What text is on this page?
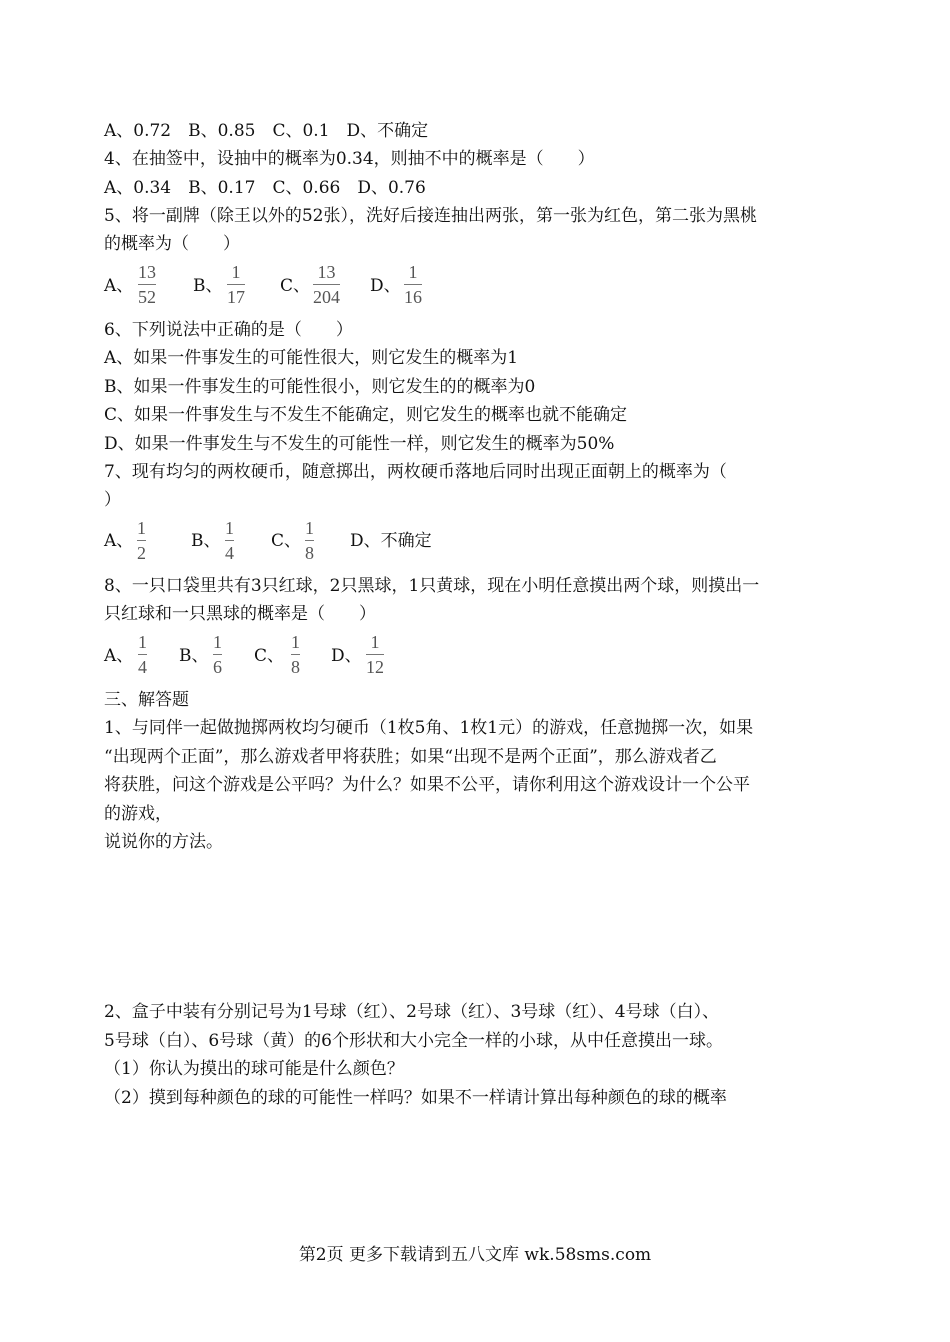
A、0.72　B、0.85　C、0.1　D、不确定
4、在抽签中，设抽中的概率为0.34，则抽不中的概率是（　　）
A、0.34　B、0.17　C、0.66　D、0.76
5、将一副牌（除王以外的52张），洗好后接连抽出两张，第一张为红色，第二张为黑桃
的概率为（　　）
A、
13
52
B、
1
17
C、
13
204
D、
1
16
6、下列说法中正确的是（　　）
A、如果一件事发生的可能性很大，则它发生的概率为1
B、如果一件事发生的可能性很小，则它发生的的概率为0
C、如果一件事发生与不发生不能确定，则它发生的概率也就不能确定
D、如果一件事发生与不发生的可能性一样，则它发生的概率为50%
7、现有均匀的两枚硬币，随意掷出，两枚硬币落地后同时出现正面朝上的概率为（
）
A、
1
2
B、
1
4
C、
1
8
D、不确定
8、一只口袋里共有3只红球，2只黑球，1只黄球，现在小明任意摸出两个球，则摸出一
只红球和一只黑球的概率是（　　）
A、
1
4
B、
1
6
C、
1
8
D、
1
12
三、解答题
1、与同伴一起做抛掷两枚均匀硬币（1枚5角、1枚1元）的游戏，任意抛掷一次，如果
“出现两个正面”，那么游戏者甲将获胜；如果“出现不是两个正面”，那么游戏者乙
将获胜，问这个游戏是公平吗？为什么？如果不公平，请你利用这个游戏设计一个公平
的游戏，
说说你的方法。
2、盒子中装有分别记号为1号球（红）、2号球（红）、3号球（红）、4号球（白）、
5号球（白）、6号球（黄）的6个形状和大小完全一样的小球，从中任意摸出一球。
（1）你认为摸出的球可能是什么颜色？
（2）摸到每种颜色的球的可能性一样吗？如果不一样请计算出每种颜色的球的概率
第2页 更多下载请到五八文库 wk.58sms.com
